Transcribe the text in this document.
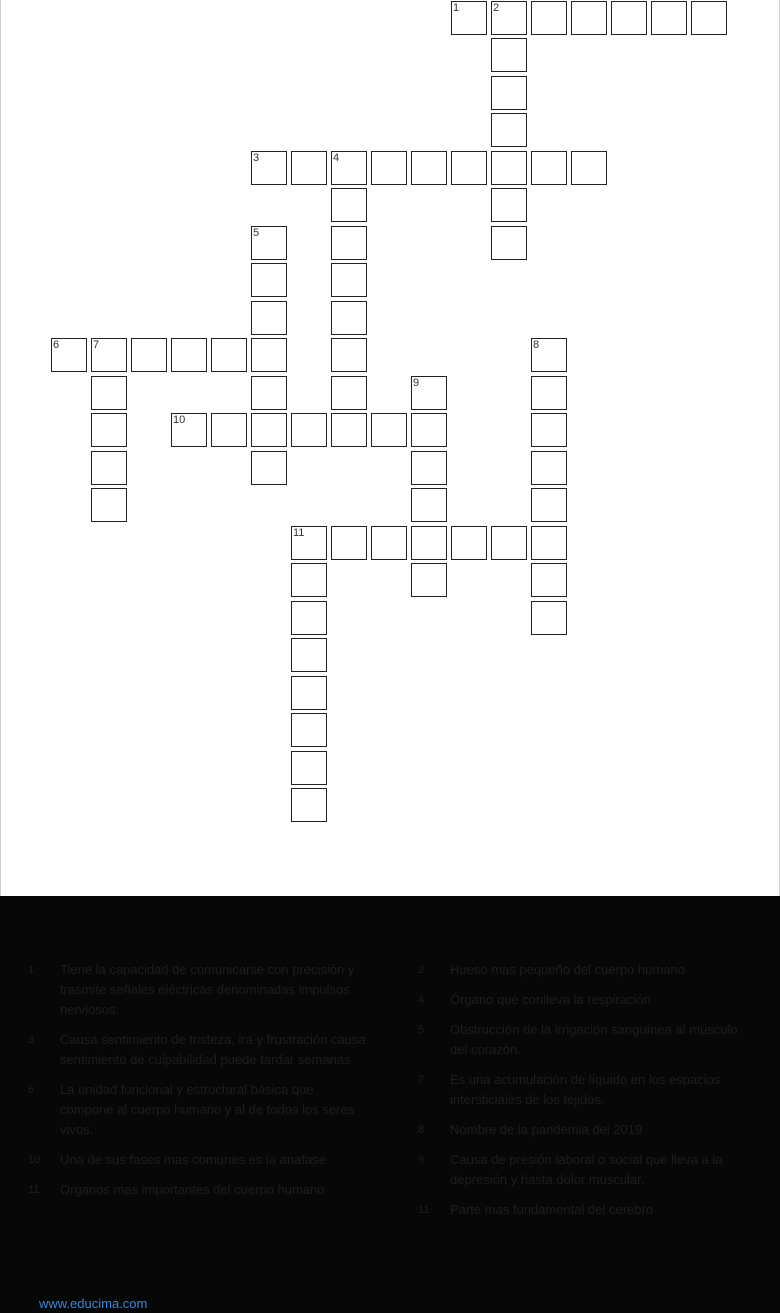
1	2
3	4
5
6	7	8
9
10
11
1	Tiene la capacidad de comunicarse con precisión y trasmite señales eléctricas denominadas impulsos nerviosos.
3	Causa sentimiento de tristeza, ira y frustración causa sentimiento de culpabilidad puede tardar semanas
6	La unidad funcional y estructural básica que compone al cuerpo humano y al de todos los seres vivos.
10	Una de sus fases mas comunes es la anafase
11	Organos mas importantes del cuerpo humano
2	Hueso mas pequeño del cuerpo humano
4	Órgano que conlleva la respiración
5	Obstrucción de la irrigación sanguínea al músculo del corazón.
7	Es una acumulación de líquido en los espacios intersticiales de los tejidos.
8	Nombre de la pandemia del 2019
9	Causa de presión laboral o social que lleva a la depresión y hasta dolor muscular.
11	Parte mas fundamental del cerebro
www.educima.com
